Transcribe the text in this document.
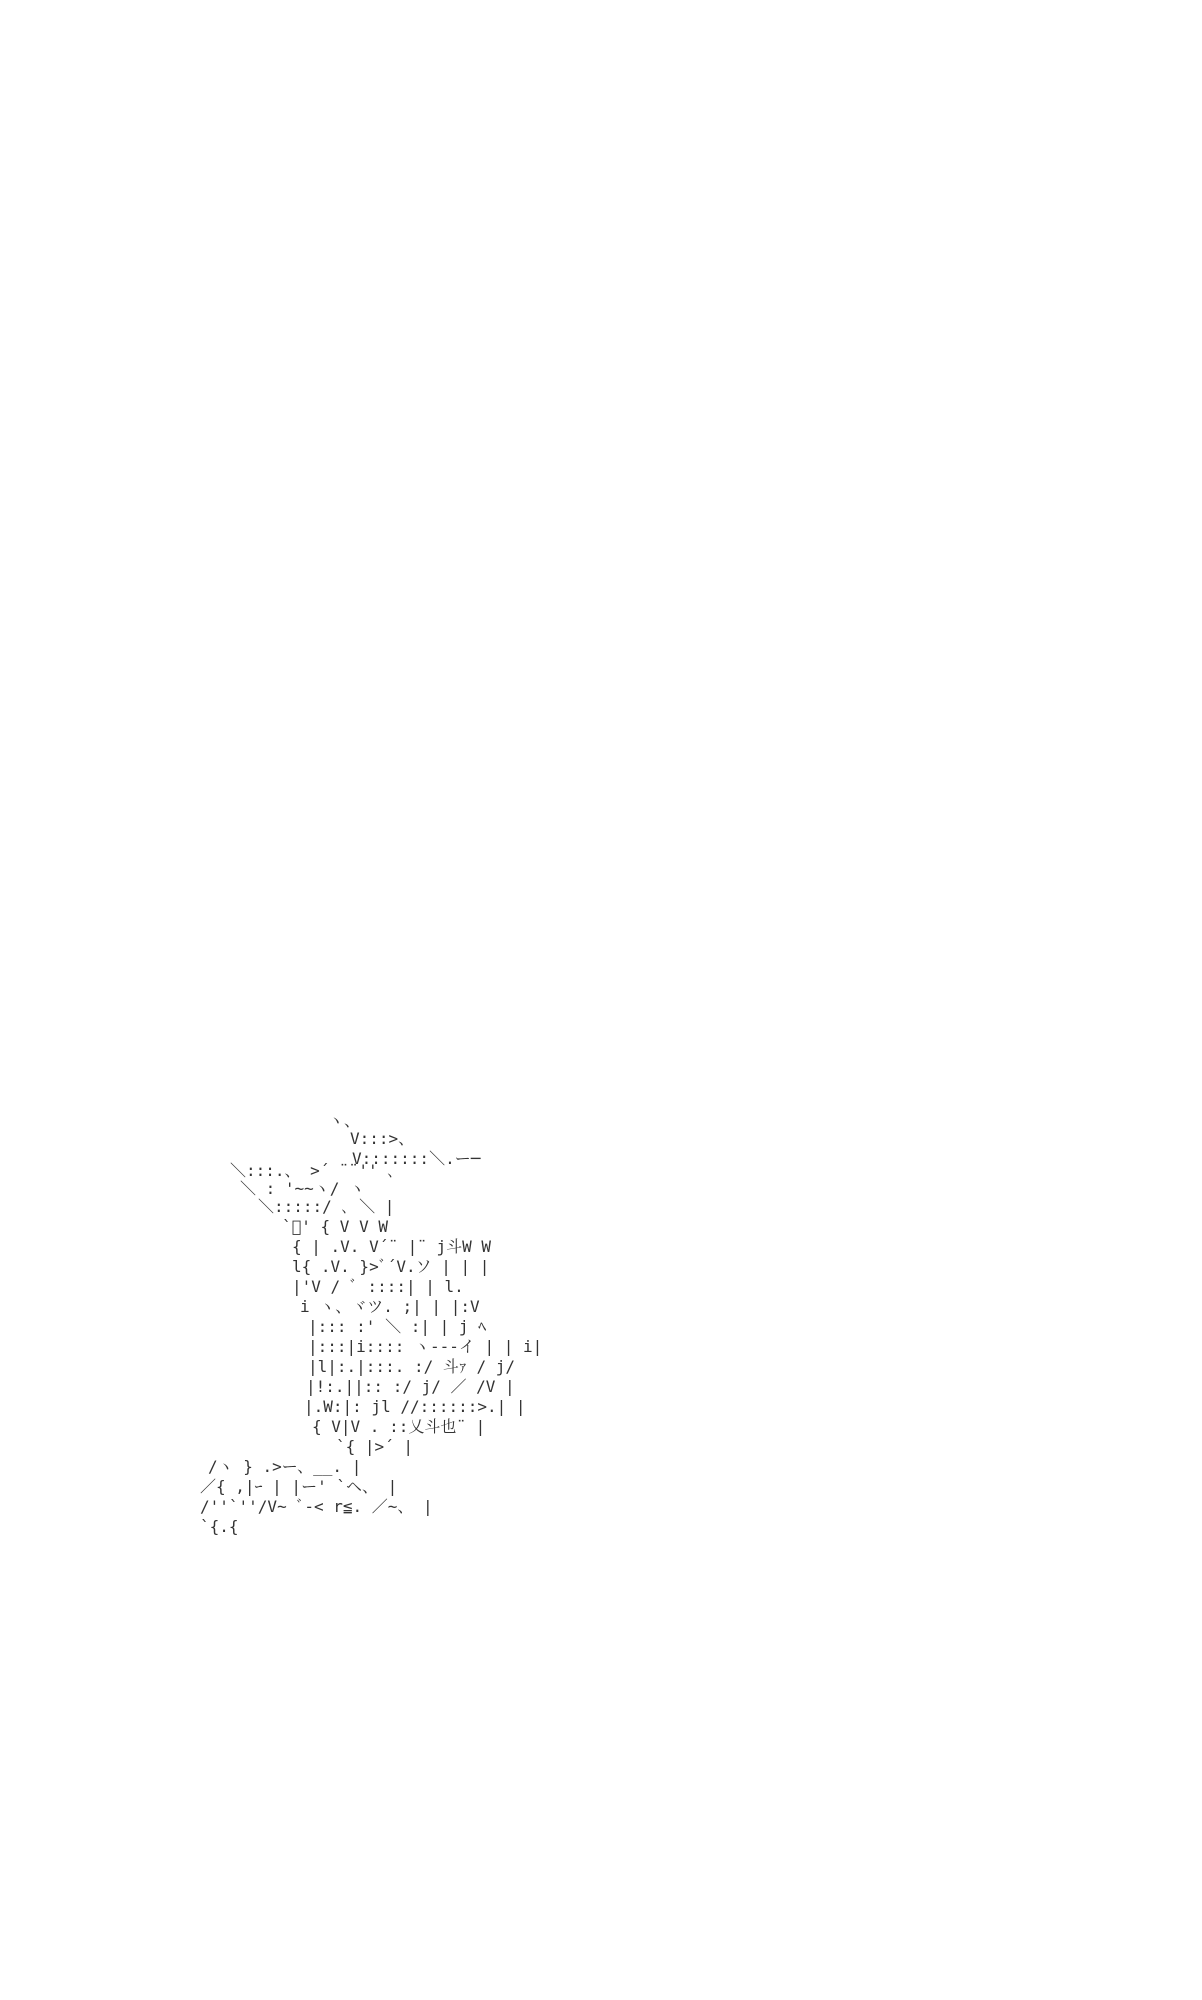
ヽ、
V:::>、
V:::::::＼.ー─
＼:::.、 >´ ¨¨'' ､
＼ : '~~ヽ/ ヽ
＼:::::/ ､ ＼ |
`ﾞ' { V V W
{ | .V. V´¨ |¨ j斗W W
l{ .V. }>ﾞ´V.ソ | | |
|'V / ﾞ ::::| | l.
i ヽ、ヾツ. ;| | |:V
|::: :' ＼ :| | j ﾍ
|:::|i:::: ヽ---イ | | i|
|l|:.|:::. :/ 斗ｧ / j/
|!:.||:: :/ j/ ／ /V |
|.W:|: jl //::::::>.| |
{ V|V . ::乂斗也¨ |
`{ |>´ |
/ヽ } .>ー、__. |
／{ ,|ｰ | |ー' `ヘ、 |
/''`''/V~ ﾞ-< r≦. ／~、 |
`{.{
